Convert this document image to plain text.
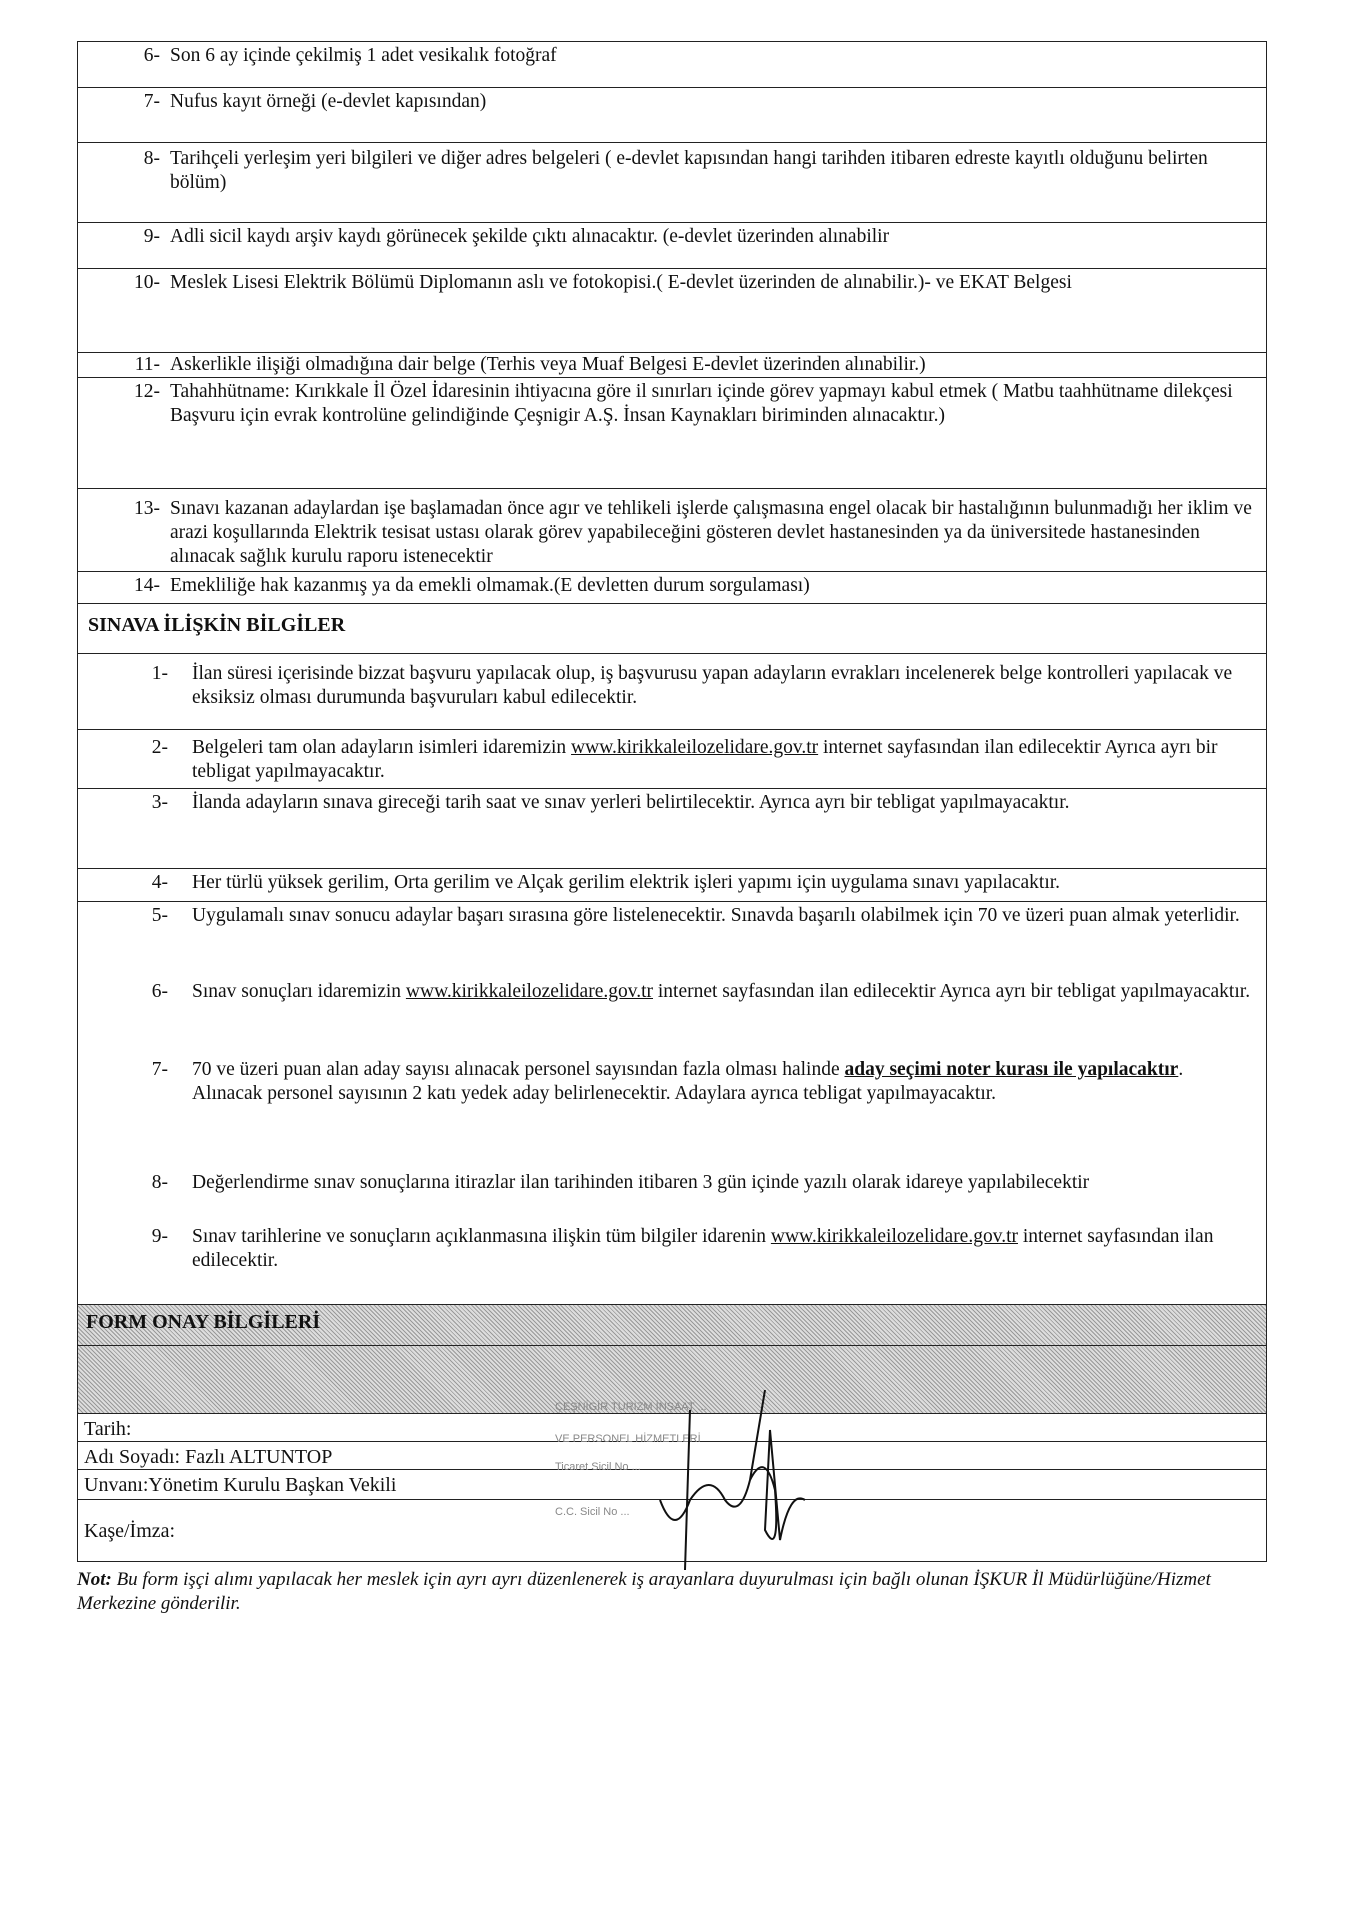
6- Son 6 ay içinde çekilmiş 1 adet vesikalık fotoğraf
7- Nufus kayıt örneği (e-devlet kapısından)
8- Tarihçeli yerleşim yeri bilgileri ve diğer adres belgeleri ( e-devlet kapısından hangi tarihden itibaren edreste kayıtlı olduğunu belirten bölüm)
9- Adli sicil kaydı arşiv kaydı görünecek şekilde çıktı alınacaktır. (e-devlet üzerinden alınabilir
10- Meslek Lisesi Elektrik Bölümü Diplomanın aslı ve fotokopisi.( E-devlet üzerinden de alınabilir.)- ve EKAT Belgesi
11- Askerlikle ilişiği olmadığına dair belge (Terhis veya Muaf Belgesi E-devlet üzerinden alınabilir.)
12- Tahahhütname: Kırıkkale İl Özel İdaresinin ihtiyacına göre il sınırları içinde görev yapmayı kabul etmek ( Matbu taahhütname dilekçesi Başvuru için evrak kontrolüne gelindiğinde Çeşnigir A.Ş. İnsan Kaynakları biriminden alınacaktır.)
13- Sınavı kazanan adaylardan işe başlamadan önce agır ve tehlikeli işlerde çalışmasına engel olacak bir hastalığının bulunmadığı her iklim ve arazi koşullarında Elektrik tesisat ustası olarak görev yapabileceğini gösteren devlet hastanesinden ya da üniversitede hastanesinden alınacak sağlık kurulu raporu istenecektir
14- Emekliliğe hak kazanmış ya da emekli olmamak.(E devletten durum sorgulaması)
SINAVA İLİŞKİN BİLGİLER
1-	İlan süresi içerisinde bizzat başvuru yapılacak olup, iş başvurusu yapan adayların evrakları incelenerek belge kontrolleri yapılacak ve eksiksiz olması durumunda başvuruları kabul edilecektir.
2-	Belgeleri tam olan adayların isimleri idaremizin www.kirikkaleilozelidare.gov.tr internet sayfasından ilan edilecektir Ayrıca ayrı bir tebligat yapılmayacaktır.
3-	İlanda adayların sınava gireceği tarih saat ve sınav yerleri belirtilecektir. Ayrıca ayrı bir tebligat yapılmayacaktır.
4-	Her türlü yüksek gerilim, Orta gerilim ve Alçak gerilim elektrik işleri yapımı için uygulama sınavı yapılacaktır.
5-	Uygulamalı sınav sonucu adaylar başarı sırasına göre listelenecektir. Sınavda başarılı olabilmek için 70 ve üzeri puan almak yeterlidir.
6-	Sınav sonuçları idaremizin www.kirikkaleilozelidare.gov.tr internet sayfasından ilan edilecektir Ayrıca ayrı bir tebligat yapılmayacaktır.
7-	70 ve üzeri puan alan aday sayısı alınacak personel sayısından fazla olması halinde aday seçimi noter kurası ile yapılacaktır. Alınacak personel sayısının 2 katı yedek aday belirlenecektir. Adaylara ayrıca tebligat yapılmayacaktır.
8-	Değerlendirme sınav sonuçlarına itirazlar ilan tarihinden itibaren 3 gün içinde yazılı olarak idareye yapılabilecektir
9-	Sınav tarihlerine ve sonuçların açıklanmasına ilişkin tüm bilgiler idarenin www.kirikkaleilozelidare.gov.tr internet sayfasından ilan edilecektir.
FORM ONAY BİLGİLERİ
Tarih:
Adı Soyadı: Fazlı ALTUNTOP
Unvanı:Yönetim Kurulu Başkan Vekili
Kaşe/İmza:
ÇEŞNİGİR TURİZM İNŞAAT ...
VE PERSONEL HİZMETLERİ
Ticaret Sicil No ...
C.C. Sicil No ...
Not: Bu form işçi alımı yapılacak her meslek için ayrı ayrı düzenlenerek iş arayanlara duyurulması için bağlı olunan İŞKUR İl Müdürlüğüne/Hizmet Merkezine gönderilir.
